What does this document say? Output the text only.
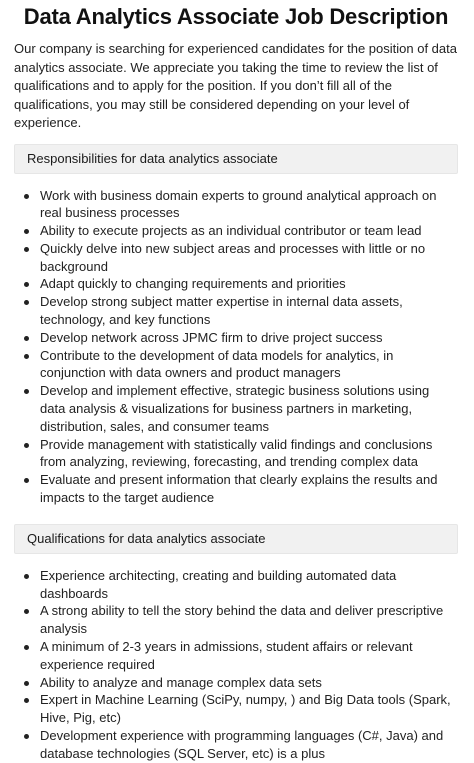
Data Analytics Associate Job Description

Our company is searching for experienced candidates for the position of data analytics associate. We appreciate you taking the time to review the list of qualifications and to apply for the position. If you don’t fill all of the qualifications, you may still be considered depending on your level of experience.

Responsibilities for data analytics associate
Work with business domain experts to ground analytical approach on real business processes
Ability to execute projects as an individual contributor or team lead
Quickly delve into new subject areas and processes with little or no background
Adapt quickly to changing requirements and priorities
Develop strong subject matter expertise in internal data assets, technology, and key functions
Develop network across JPMC firm to drive project success
Contribute to the development of data models for analytics, in conjunction with data owners and product managers
Develop and implement effective, strategic business solutions using data analysis & visualizations for business partners in marketing, distribution, sales, and consumer teams
Provide management with statistically valid findings and conclusions from analyzing, reviewing, forecasting, and trending complex data
Evaluate and present information that clearly explains the results and impacts to the target audience
Qualifications for data analytics associate
Experience architecting, creating and building automated data dashboards
A strong ability to tell the story behind the data and deliver prescriptive analysis
A minimum of 2-3 years in admissions, student affairs or relevant experience required
Ability to analyze and manage complex data sets
Expert in Machine Learning (SciPy, numpy, ) and Big Data tools (Spark, Hive, Pig, etc)
Development experience with programming languages (C#, Java) and database technologies (SQL Server, etc) is a plus
